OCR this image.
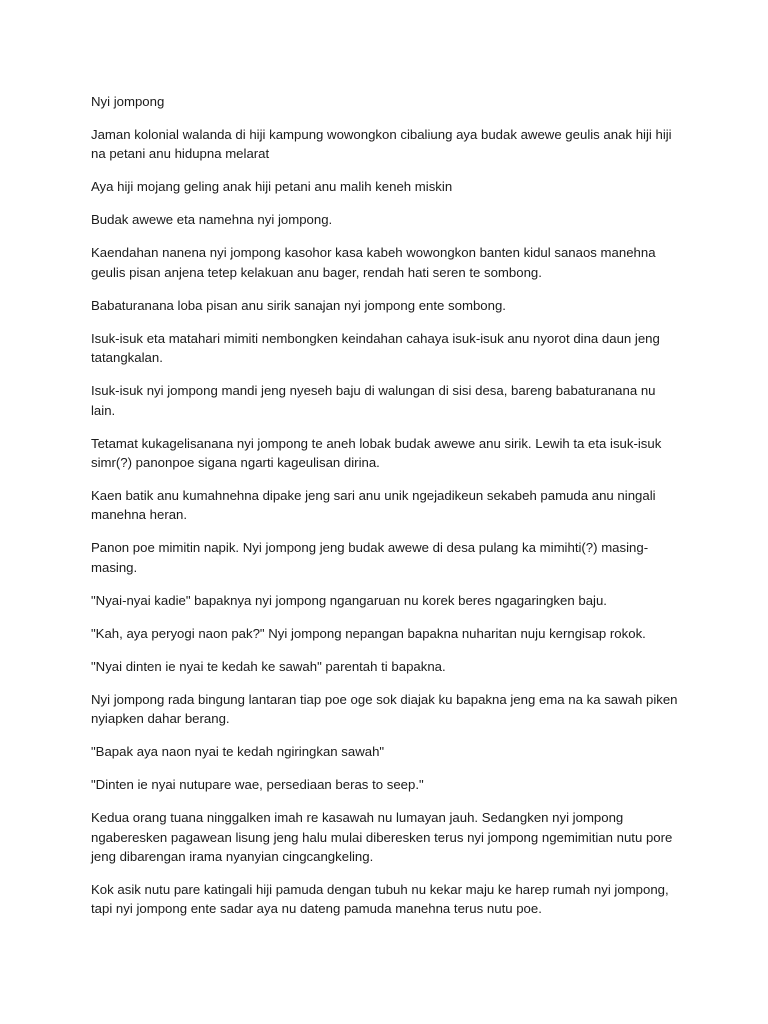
Nyi jompong

Jaman kolonial walanda di hiji kampung wowongkon cibaliung aya budak awewe geulis anak hiji hiji na petani anu hidupna melarat

Aya hiji mojang geling anak hiji petani anu malih keneh miskin

Budak awewe eta namehna nyi jompong.

Kaendahan nanena nyi jompong kasohor kasa kabeh wowongkon banten kidul sanaos manehna geulis pisan anjena tetep kelakuan anu bager, rendah hati seren te sombong.

Babaturanana loba pisan anu sirik sanajan nyi jompong ente sombong.

Isuk-isuk eta matahari mimiti nembongken keindahan cahaya isuk-isuk anu nyorot dina daun jeng tatangkalan.

Isuk-isuk nyi jompong mandi jeng nyeseh baju di walungan di sisi desa, bareng babaturanana nu lain.

Tetamat kukagelisanana nyi jompong te aneh lobak budak awewe anu sirik. Lewih ta eta isuk-isuk simr(?) panonpoe sigana ngarti kageulisan dirina.

Kaen batik anu kumahnehna dipake jeng sari anu unik ngejadikeun sekabeh pamuda anu ningali manehna heran.

Panon poe mimitin napik. Nyi jompong jeng budak awewe di desa pulang ka mimihti(?) masing-masing.

"Nyai-nyai kadie" bapaknya nyi jompong ngangaruan nu korek beres ngagaringken baju.

"Kah, aya peryogi naon pak?" Nyi jompong nepangan bapakna nuharitan nuju kerngisap rokok.

"Nyai dinten ie nyai te kedah ke sawah" parentah ti bapakna.

Nyi jompong rada bingung lantaran tiap poe oge sok diajak ku bapakna jeng ema na ka sawah piken nyiapken dahar berang.

"Bapak aya naon nyai te kedah ngiringkan sawah"

"Dinten ie nyai nutupare wae, persediaan beras to seep."

Kedua orang tuana ninggalken imah re kasawah nu lumayan jauh. Sedangken nyi jompong ngaberesken pagawean lisung jeng halu mulai diberesken terus nyi jompong ngemimitian nutu pore jeng dibarengan irama nyanyian cingcangkeling.

Kok asik nutu pare katingali hiji pamuda dengan tubuh nu kekar maju ke harep rumah nyi jompong, tapi nyi jompong ente sadar aya nu dateng pamuda manehna terus nutu poe.
